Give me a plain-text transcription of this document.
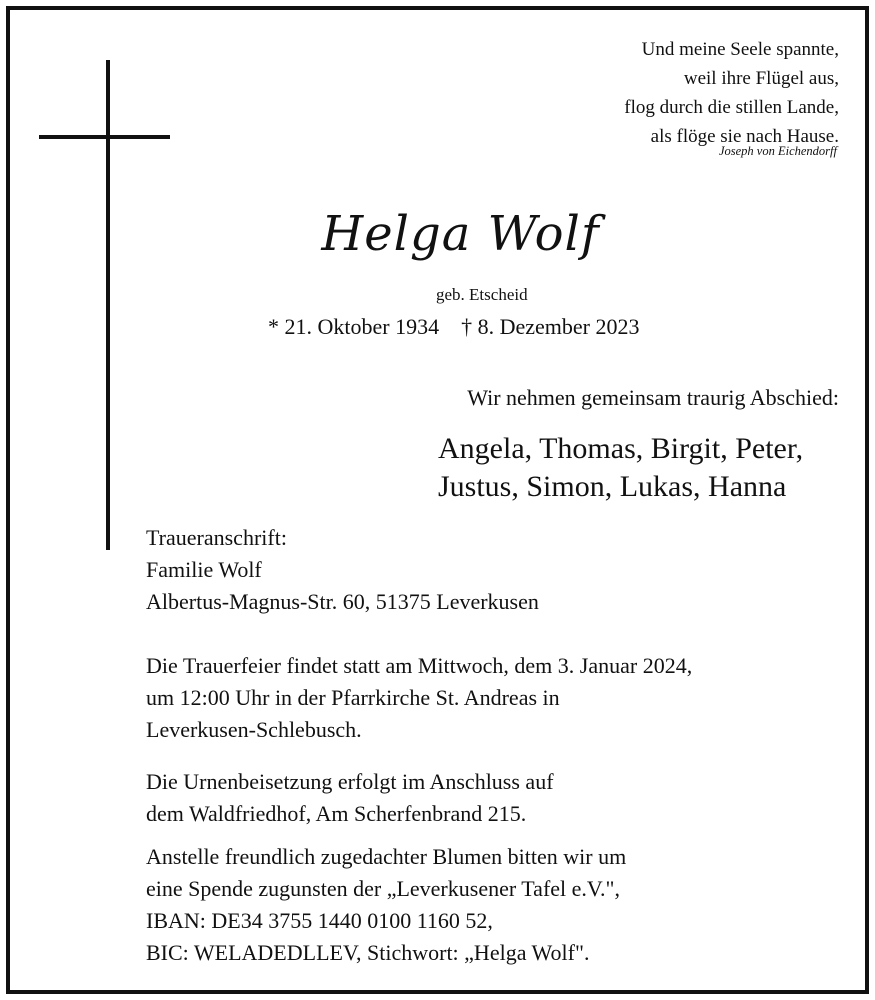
Und meine Seele spannte,
weil ihre Flügel aus,
flog durch die stillen Lande,
als flöge sie nach Hause.
Joseph von Eichendorff
Helga Wolf
geb. Etscheid
* 21. Oktober 1934 † 8. Dezember 2023
Wir nehmen gemeinsam traurig Abschied:
Angela, Thomas, Birgit, Peter,
Justus, Simon, Lukas, Hanna
Traueranschrift:
Familie Wolf
Albertus-Magnus-Str. 60, 51375 Leverkusen
Die Trauerfeier findet statt am Mittwoch, dem 3. Januar 2024,
um 12:00 Uhr in der Pfarrkirche St. Andreas in
Leverkusen-Schlebusch.
Die Urnenbeisetzung erfolgt im Anschluss auf
dem Waldfriedhof, Am Scherfenbrand 215.
Anstelle freundlich zugedachter Blumen bitten wir um
eine Spende zugunsten der „Leverkusener Tafel e.V.",
IBAN: DE34 3755 1440 0100 1160 52,
BIC: WELADEDLLEV, Stichwort: „Helga Wolf".
